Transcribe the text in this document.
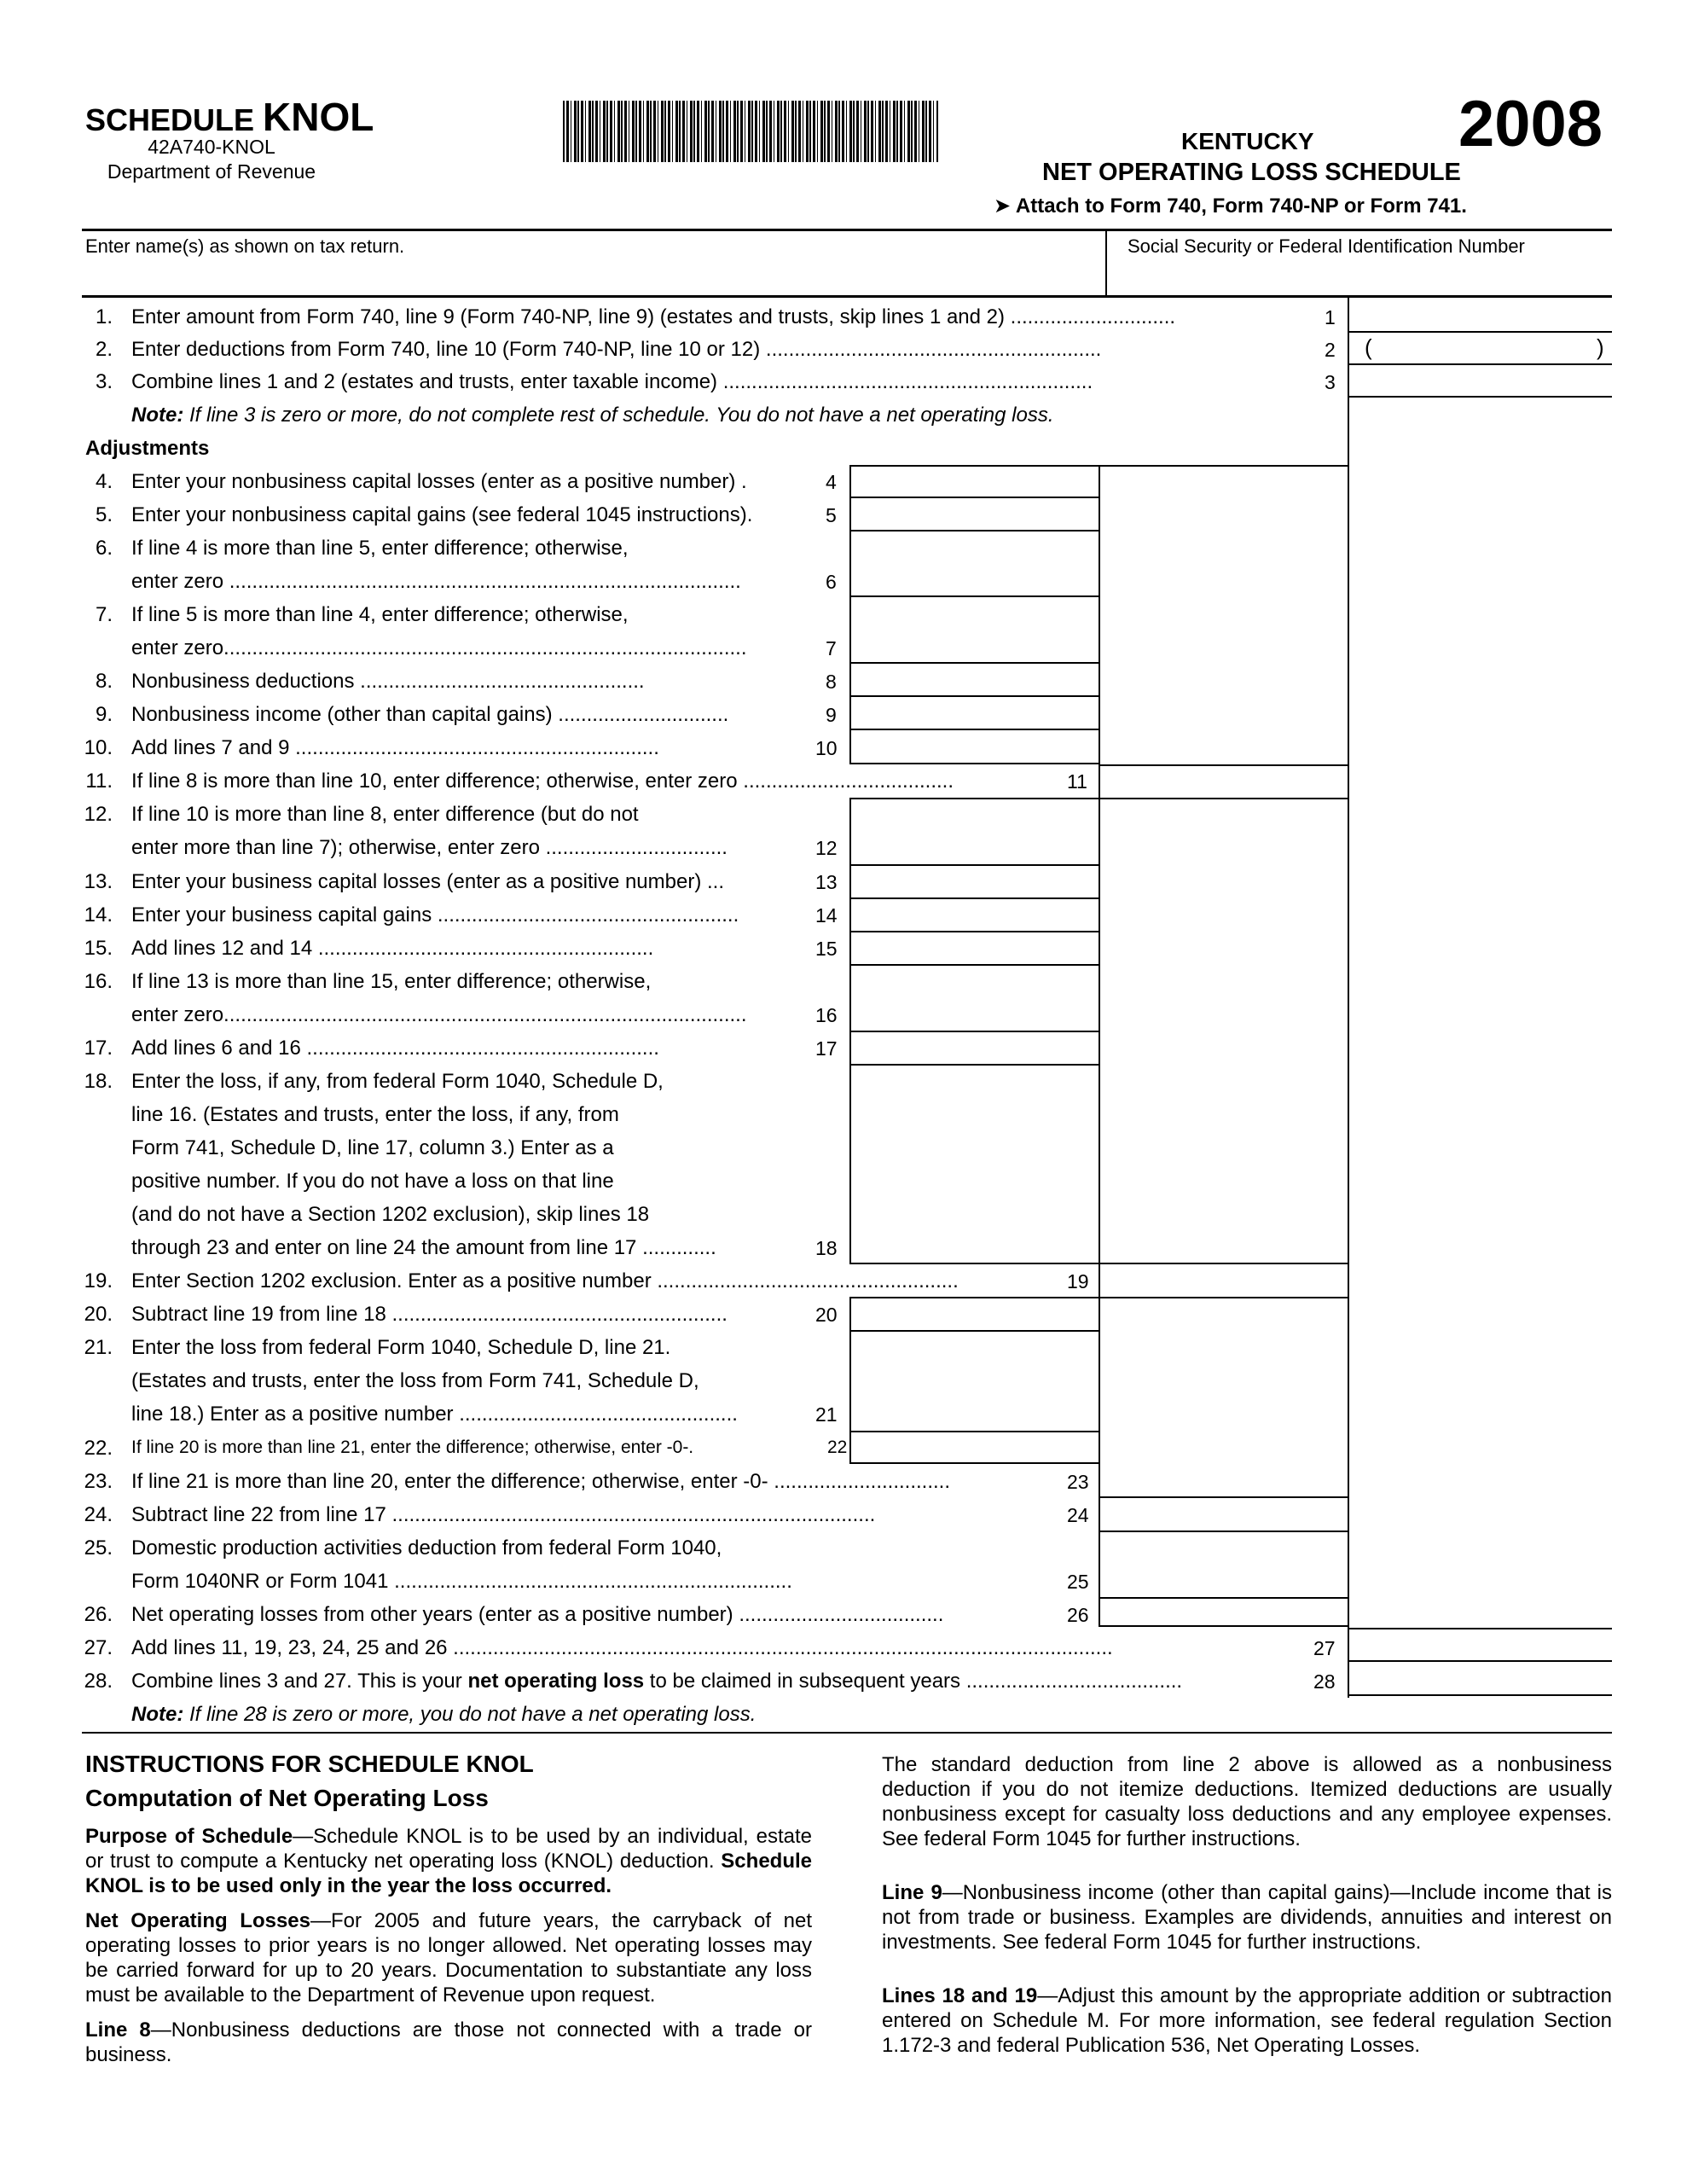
SCHEDULE KNOL
42A740-KNOL
Department of Revenue
2008
KENTUCKY
NET OPERATING LOSS SCHEDULE
➤ Attach to Form 740, Form 740-NP or Form 741.
Enter name(s) as shown on tax return.	Social Security or Federal Identification Number
(	)
1.
2.
3.
4.
5.
6.
7.
8.
9.
10.
11.
12.
13.
14.
15.
16.
17.
18.
19.
20.
21.
22.
23.
24.
25.
26.
27.
28.
Enter amount from Form 740, line 9 (Form 740-NP, line 9) (estates and trusts, skip lines 1 and 2) .............................
Enter deductions from Form 740, line 10 (Form 740-NP, line 10 or 12) ...........................................................
Combine lines 1 and 2 (estates and trusts, enter taxable income) .................................................................
Note: If line 3 is zero or more, do not complete rest of schedule. You do not have a net operating loss.
Adjustments
Enter your nonbusiness capital losses (enter as a positive number) .
Enter your nonbusiness capital gains (see federal 1045 instructions).
If line 4 is more than line 5, enter difference; otherwise,
enter zero ..........................................................................................
If line 5 is more than line 4, enter difference; otherwise,
enter zero............................................................................................
Nonbusiness deductions ..................................................
Nonbusiness income (other than capital gains) ..............................
Add lines 7 and 9 ................................................................
If line 8 is more than line 10, enter difference; otherwise, enter zero .....................................
If line 10 is more than line 8, enter difference (but do not
enter more than line 7); otherwise, enter zero ................................
Enter your business capital losses (enter as a positive number) ...
Enter your business capital gains .....................................................
Add lines 12 and 14 ...........................................................
If line 13 is more than line 15, enter difference; otherwise,
enter zero............................................................................................
Add lines 6 and 16 ..............................................................
Enter the loss, if any, from federal Form 1040, Schedule D,
line 16. (Estates and trusts, enter the loss, if any, from
Form 741, Schedule D, line 17, column 3.) Enter as a
positive number. If you do not have a loss on that line
(and do not have a Section 1202 exclusion), skip lines 18
through 23 and enter on line 24 the amount from line 17 .............
Enter Section 1202 exclusion. Enter as a positive number .....................................................
Subtract line 19 from line 18 ...........................................................
Enter the loss from federal Form 1040, Schedule D, line 21.
(Estates and trusts, enter the loss from Form 741, Schedule D,
line 18.) Enter as a positive number .................................................
If line 20 is more than line 21, enter the difference; otherwise, enter -0-.
If line 21 is more than line 20, enter the difference; otherwise, enter -0- ...............................
Subtract line 22 from line 17 .....................................................................................
Domestic production activities deduction from federal Form 1040,
Form 1040NR or Form 1041 ......................................................................
Net operating losses from other years (enter as a positive number) ....................................
Add lines 11, 19, 23, 24, 25 and 26 ....................................................................................................................
Combine lines 3 and 27. This is your net operating loss to be claimed in subsequent years ......................................
Note: If line 28 is zero or more, you do not have a net operating loss.
1
2
3
4
5
6
7
8
9
10
11
12
13
14
15
16
17
18
19
20
21
22
23
24
25
26
27
28
INSTRUCTIONS FOR SCHEDULE KNOL
Computation of Net Operating Loss

Purpose of Schedule—Schedule KNOL is to be used by an individual, estate or trust to compute a Kentucky net operating loss (KNOL) deduction. Schedule KNOL is to be used only in the year the loss occurred.

Net Operating Losses—For 2005 and future years, the carryback of net operating losses to prior years is no longer allowed. Net operating losses may be carried forward for up to 20 years. Documentation to substantiate any loss must be available to the Department of Revenue upon request.

Line 8—Nonbusiness deductions are those not connected with a trade or business.

The standard deduction from line 2 above is allowed as a nonbusiness deduction if you do not itemize deductions. Itemized deductions are usually nonbusiness except for casualty loss deductions and any employee expenses. See federal Form 1045 for further instructions.

Line 9—Nonbusiness income (other than capital gains)—Include income that is not from trade or business. Examples are dividends, annuities and interest on investments. See federal Form 1045 for further instructions.

Lines 18 and 19—Adjust this amount by the appropriate addition or subtraction entered on Schedule M. For more information, see federal regulation Section 1.172-3 and federal Publication 536, Net Operating Losses.
